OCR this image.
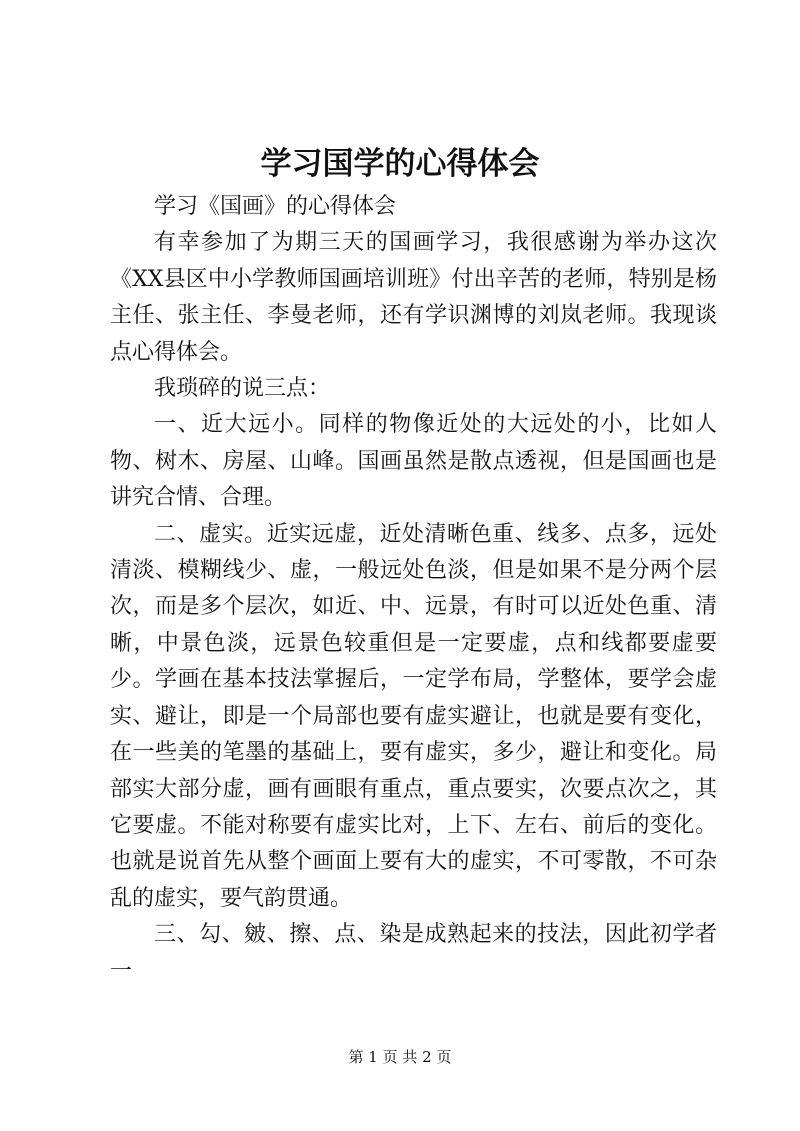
学习国学的心得体会

学习《国画》的心得体会

有幸参加了为期三天的国画学习，我很感谢为举办这次《XX县区中小学教师国画培训班》付出辛苦的老师，特别是杨主任、张主任、李曼老师，还有学识渊博的刘岚老师。我现谈点心得体会。

我琐碎的说三点：

一、近大远小。同样的物像近处的大远处的小，比如人物、树木、房屋、山峰。国画虽然是散点透视，但是国画也是讲究合情、合理。

二、虚实。近实远虚，近处清晰色重、线多、点多，远处清淡、模糊线少、虚，一般远处色淡，但是如果不是分两个层次，而是多个层次，如近、中、远景，有时可以近处色重、清晰，中景色淡，远景色较重但是一定要虚，点和线都要虚要少。学画在基本技法掌握后，一定学布局，学整体，要学会虚实、避让，即是一个局部也要有虚实避让，也就是要有变化，在一些美的笔墨的基础上，要有虚实，多少，避让和变化。局部实大部分虚，画有画眼有重点，重点要实，次要点次之，其它要虚。不能对称要有虚实比对，上下、左右、前后的变化。也就是说首先从整个画面上要有大的虚实，不可零散，不可杂乱的虚实，要气韵贯通。

三、勾、皴、擦、点、染是成熟起来的技法，因此初学者一

第 1 页 共 2 页
